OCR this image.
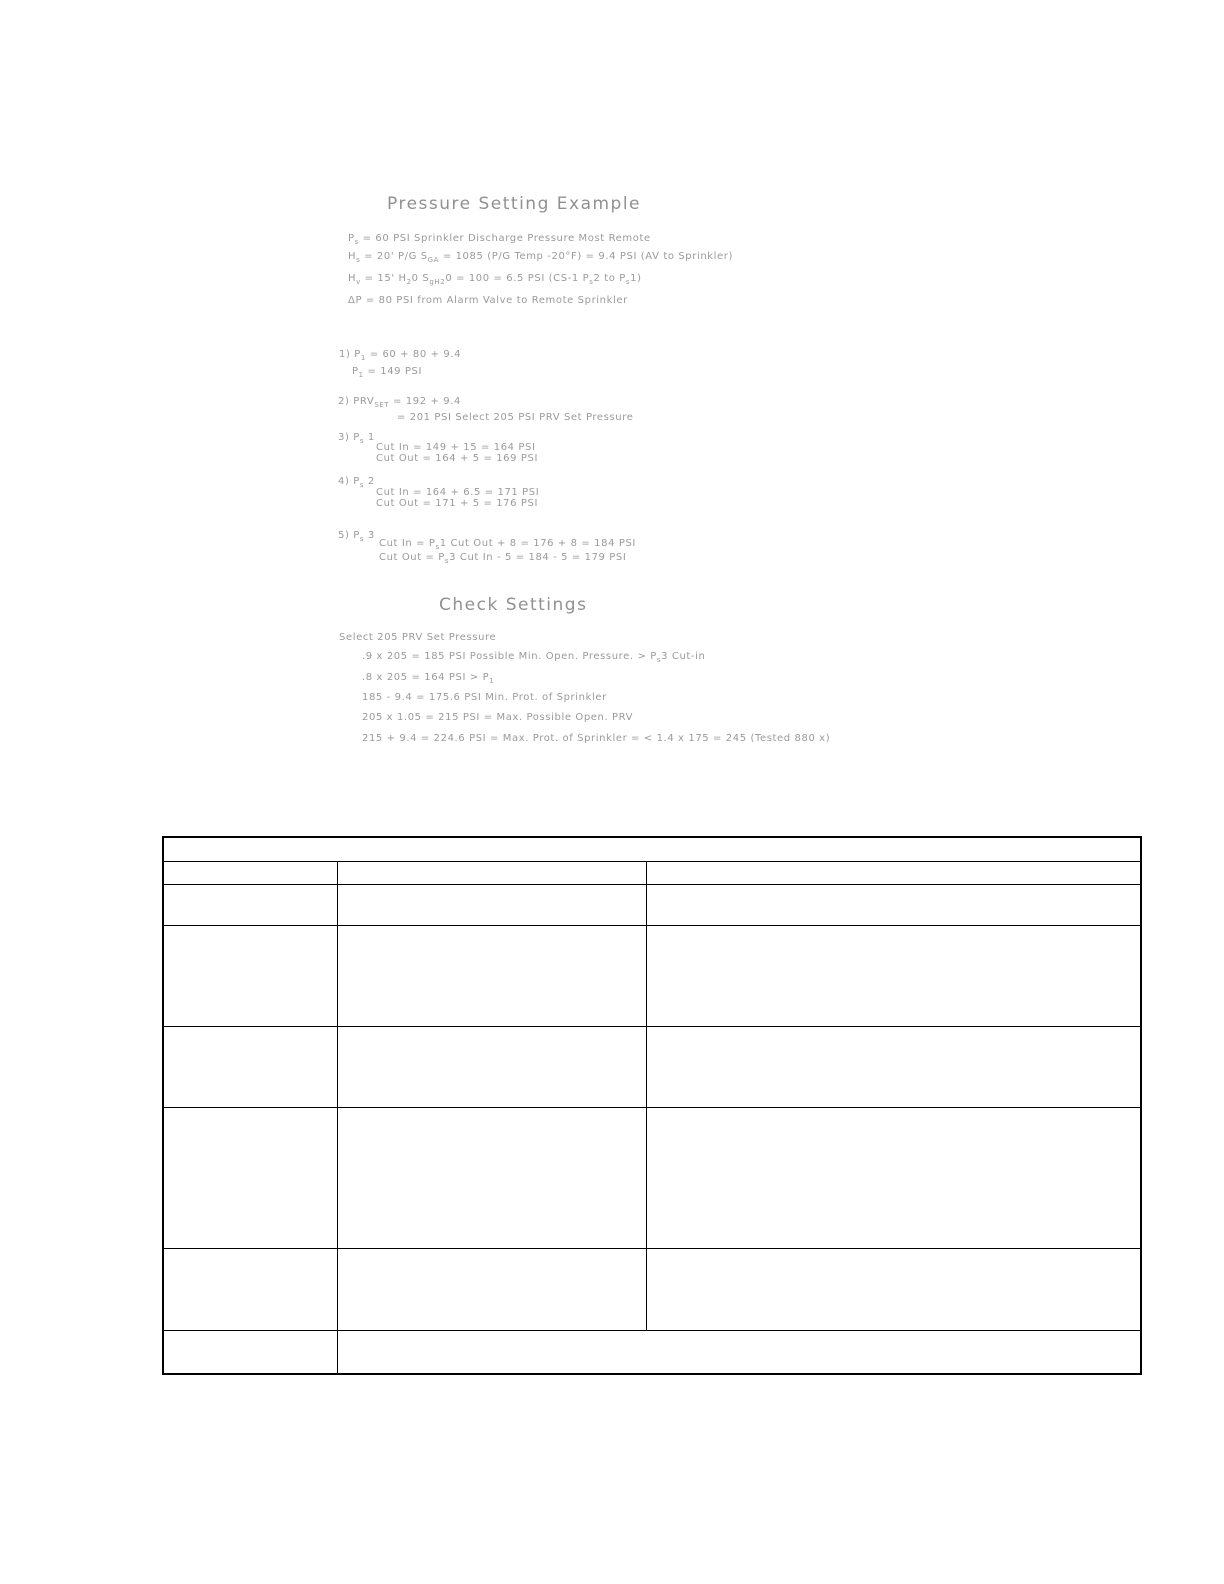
Pressure Setting Example
$P_s = 60$ PSI Sprinkler Discharge Pressure Most Remote
$H_s = 20'$ P/G $S_{GA} = 1085$ (P/G Temp -20°F) = 9.4 PSI (AV to Sprinkler)
$H_v = 15'$ $H_20$ $S_{gH2}0 = 100 = 6.5$ PSI (CS-1 $P_s2$ to $P_s1$)
ΔP = 80 PSI from Alarm Valve to Remote Sprinkler
1) $P_1 = 60 + 80 + 9.4$
$P_1 = 149$ PSI
2) $PRV_{SET} = 192 + 9.4$
= 201 PSI Select 205 PSI PRV Set Pressure
3) $P_s$ 1
Cut In = 149 + 15 = 164 PSI
Cut Out = 164 + 5 = 169 PSI
4) $P_s$ 2
Cut In = 164 + 6.5 = 171 PSI
Cut Out = 171 + 5 = 176 PSI
5) $P_s$ 3
Cut $In = P_s1$ Cut Out + 8 = 176 + 8 = 184 PSI
Cut Out = $P_s3$ Cut In - 5 = 184 - 5 = 179 PSI
Check Settings
Select 205 PRV Set Pressure
.9 x 205 = 185 PSI Possible Min. Open. Pressure. > $P_s3$ Cut-in
.8 x 205 = 164 PSI > $P_1$
185 - 9.4 = 175.6 PSI Min. Prot. of Sprinkler
205 x 1.05 = 215 PSI = Max. Possible Open. PRV
215 + 9.4 = 224.6 PSI = Max. Prot. of Sprinkler = < 1.4 x 175 = 245 (Tested 880 x)
